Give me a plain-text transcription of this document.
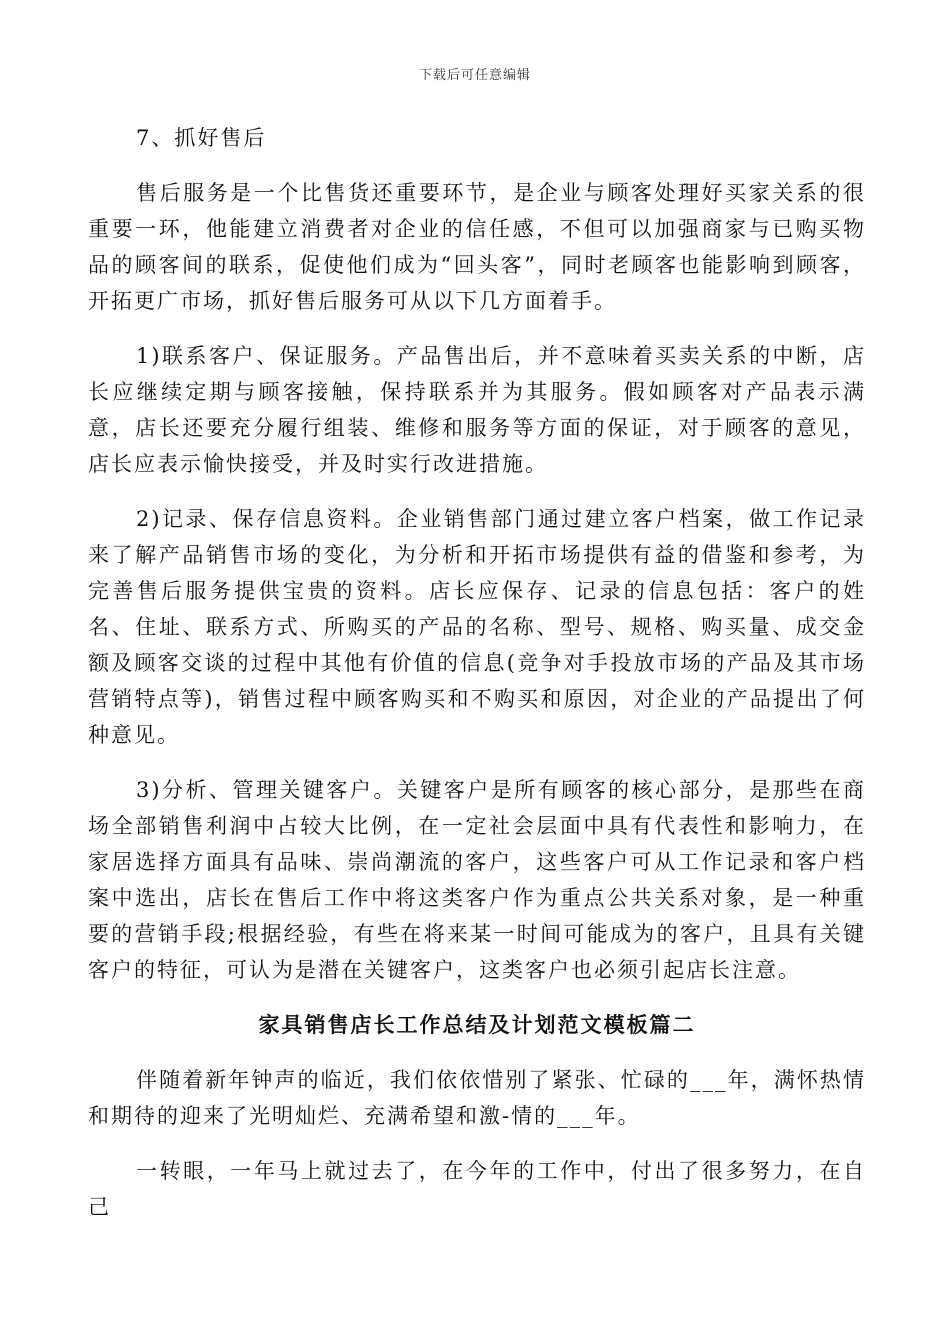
下载后可任意编辑

7、抓好售后

售后服务是一个比售货还重要环节，是企业与顾客处理好买家关系的很重要一环，他能建立消费者对企业的信任感，不但可以加强商家与已购买物品的顾客间的联系，促使他们成为“回头客”，同时老顾客也能影响到顾客，开拓更广市场，抓好售后服务可从以下几方面着手。

1)联系客户、保证服务。产品售出后，并不意味着买卖关系的中断，店长应继续定期与顾客接触，保持联系并为其服务。假如顾客对产品表示满意，店长还要充分履行组装、维修和服务等方面的保证，对于顾客的意见，店长应表示愉快接受，并及时实行改进措施。

2)记录、保存信息资料。企业销售部门通过建立客户档案，做工作记录来了解产品销售市场的变化，为分析和开拓市场提供有益的借鉴和参考，为完善售后服务提供宝贵的资料。店长应保存、记录的信息包括：客户的姓名、住址、联系方式、所购买的产品的名称、型号、规格、购买量、成交金额及顾客交谈的过程中其他有价值的信息(竞争对手投放市场的产品及其市场营销特点等)，销售过程中顾客购买和不购买和原因，对企业的产品提出了何种意见。

3)分析、管理关键客户。关键客户是所有顾客的核心部分，是那些在商场全部销售利润中占较大比例，在一定社会层面中具有代表性和影响力，在家居选择方面具有品味、崇尚潮流的客户，这些客户可从工作记录和客户档案中选出，店长在售后工作中将这类客户作为重点公共关系对象，是一种重要的营销手段;根据经验，有些在将来某一时间可能成为的客户，且具有关键客户的特征，可认为是潜在关键客户，这类客户也必须引起店长注意。

家具销售店长工作总结及计划范文模板篇二

伴随着新年钟声的临近，我们依依惜别了紧张、忙碌的___年，满怀热情和期待的迎来了光明灿烂、充满希望和激-情的___年。

一转眼，一年马上就过去了，在今年的工作中，付出了很多努力，在自己
